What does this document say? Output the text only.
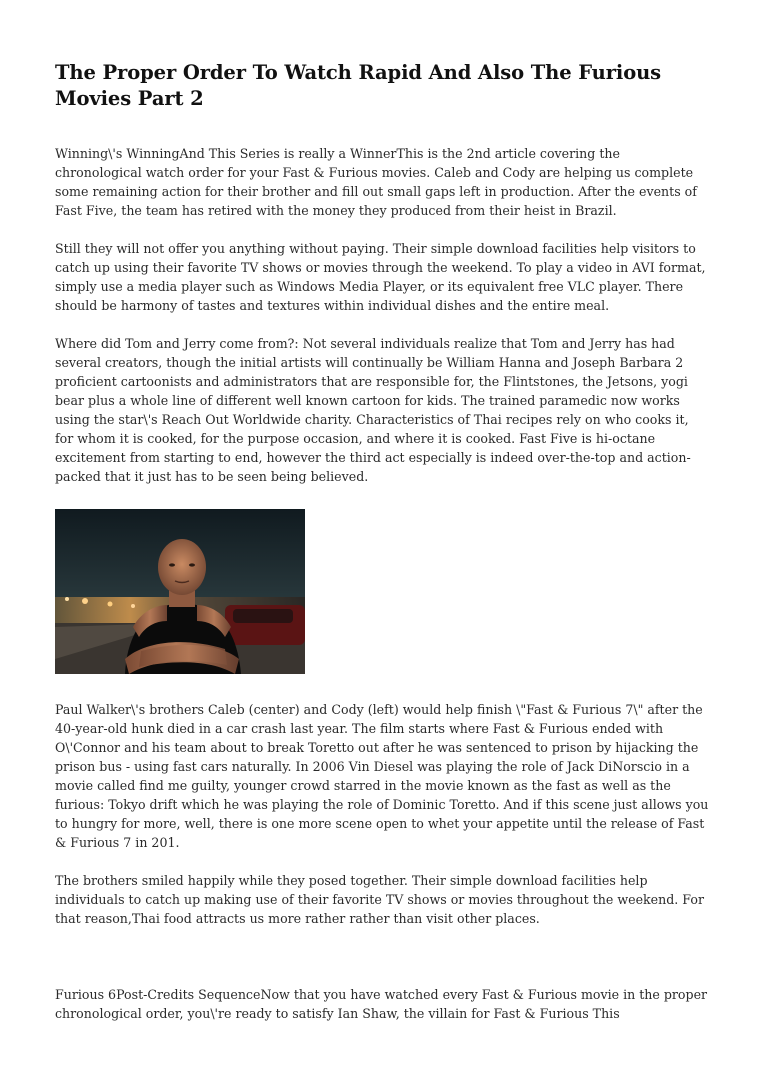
The Proper Order To Watch Rapid And Also The Furious Movies Part 2

Winning\'s WinningAnd This Series is really a WinnerThis is the 2nd article covering the chronological watch order for your Fast & Furious movies. Caleb and Cody are helping us complete some remaining action for their brother and fill out small gaps left in production. After the events of Fast Five, the team has retired with the money they produced from their heist in Brazil.

Still they will not offer you anything without paying. Their simple download facilities help visitors to catch up using their favorite TV shows or movies through the weekend. To play a video in AVI format, simply use a media player such as Windows Media Player, or its equivalent free VLC player. There should be harmony of tastes and textures within individual dishes and the entire meal.

Where did Tom and Jerry come from?: Not several individuals realize that Tom and Jerry has had several creators, though the initial artists will continually be William Hanna and Joseph Barbara 2 proficient cartoonists and administrators that are responsible for, the Flintstones, the Jetsons, yogi bear plus a whole line of different well known cartoon for kids. The trained paramedic now works using the star\'s Reach Out Worldwide charity. Characteristics of Thai recipes rely on who cooks it, for whom it is cooked, for the purpose occasion, and where it is cooked. Fast Five is hi-octane excitement from starting to end, however the third act especially is indeed over-the-top and action-packed that it just has to be seen being believed.

Paul Walker\'s brothers Caleb (center) and Cody (left) would help finish \"Fast & Furious 7\" after the 40-year-old hunk died in a car crash last year. The film starts where Fast & Furious ended with O\'Connor and his team about to break Toretto out after he was sentenced to prison by hijacking the prison bus - using fast cars naturally. In 2006 Vin Diesel was playing the role of Jack DiNorscio in a movie called find me guilty, younger crowd starred in the movie known as the fast as well as the furious: Tokyo drift which he was playing the role of Dominic Toretto. And if this scene just allows you to hungry for more, well, there is one more scene open to whet your appetite until the release of Fast & Furious 7 in 201.

The brothers smiled happily while they posed together. Their simple download facilities help individuals to catch up making use of their favorite TV shows or movies throughout the weekend. For that reason,Thai food attracts us more rather rather than visit other places.

Furious 6Post-Credits SequenceNow that you have watched every Fast & Furious movie in the proper chronological order, you\'re ready to satisfy Ian Shaw, the villain for Fast & Furious This
